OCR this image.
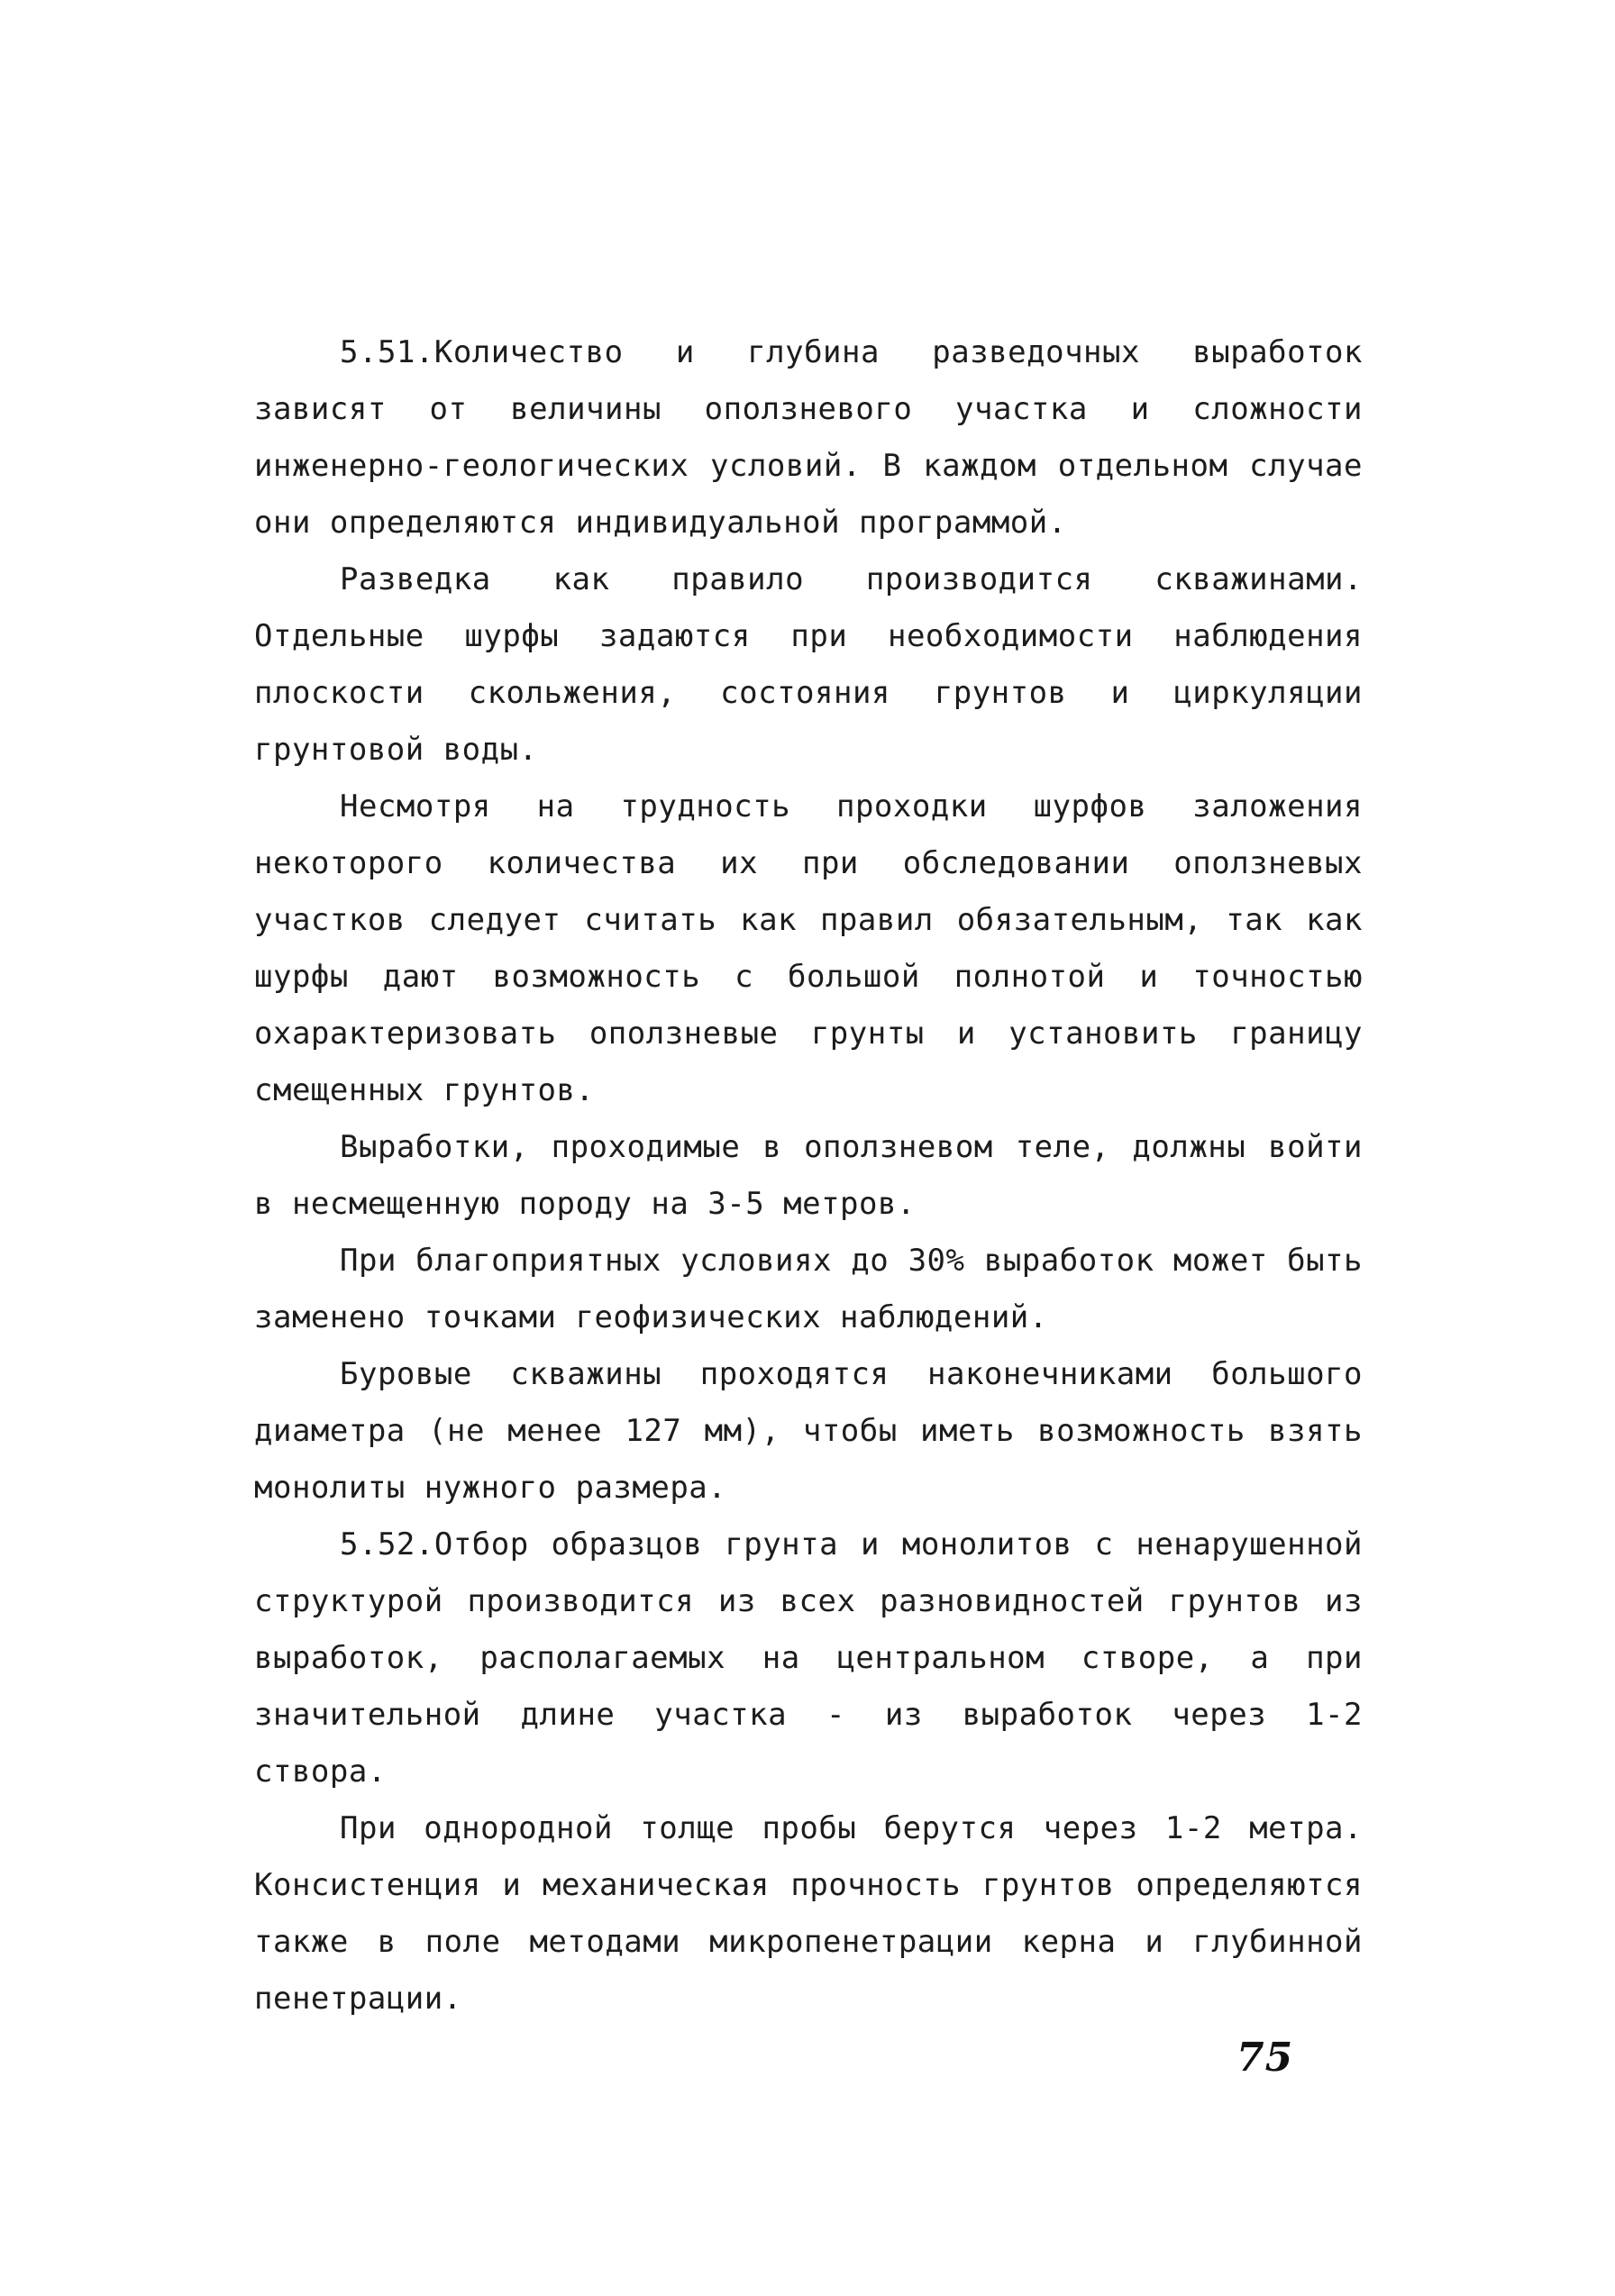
5.51.Количество и глубина разведочных выработок зависят от величины оползневого участка и сложности инженерно-геологических условий. В каждом отдельном случае они определяются индивидуальной программой.

Разведка как правило производится скважинами. Отдельные шурфы задаются при необходимости наблюдения плоскости скольжения, состояния грунтов и циркуляции грунтовой воды.

Несмотря на трудность проходки шурфов заложения некоторого количества их при обследовании оползневых участков следует считать как правил обязательным, так как шурфы дают возможность с большой полнотой и точностью охарактеризовать оползневые грунты и установить границу смещенных грунтов.

Выработки, проходимые в оползневом теле, должны войти в несмещенную породу на 3-5 метров.

При благоприятных условиях до 30% выработок может быть заменено точками геофизических наблюдений.

Буровые скважины проходятся наконечниками большого диаметра (не менее 127 мм), чтобы иметь возможность взять монолиты нужного размера.

5.52.Отбор образцов грунта и монолитов с ненарушенной структурой производится из всех разновидностей грунтов из выработок, располагаемых на центральном створе, а при значительной длине участка - из выработок через 1-2 створа.

При однородной толще пробы берутся через 1-2 метра. Консистенция и механическая прочность грунтов определяются также в поле методами микропенетрации керна и глубинной пенетрации.

75
